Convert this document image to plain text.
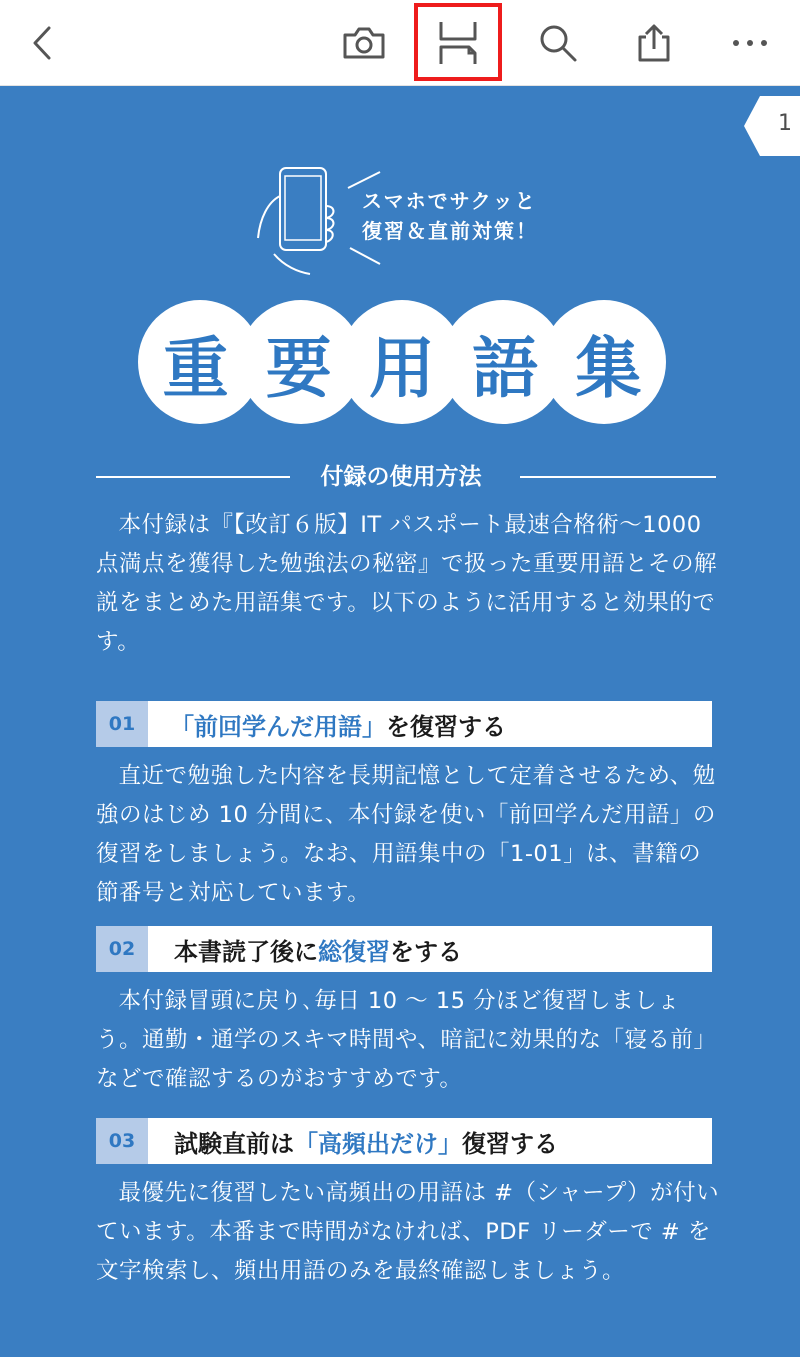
1
スマホでサクッと
復習＆直前対策！
重 要 用 語 集
付録の使用方法
本付録は『【改訂６版】IT パスポート最速合格術～1000 点満点を獲得した勉強法の秘密』で扱った重要用語とその解説をまとめた用語集です。以下のように活用すると効果的です。
01	「前回学んだ用語」 を復習する
直近で勉強した内容を長期記憶として定着させるため、勉強のはじめ 10 分間に、本付録を使い「前回学んだ用語」の復習をしましょう。なお、用語集中の「1-01」は、書籍の節番号と対応しています。
02	本書読了後に 総復習 をする
本付録冒頭に戻り､毎日 10 ～ 15 分ほど復習しましょう。通勤・通学のスキマ時間や、暗記に効果的な「寝る前」などで確認するのがおすすめです。
03	試験直前は 「高頻出だけ」 復習する
最優先に復習したい高頻出の用語は #（シャープ）が付いています。本番まで時間がなければ、PDF リーダーで # を文字検索し、頻出用語のみを最終確認しましょう。
